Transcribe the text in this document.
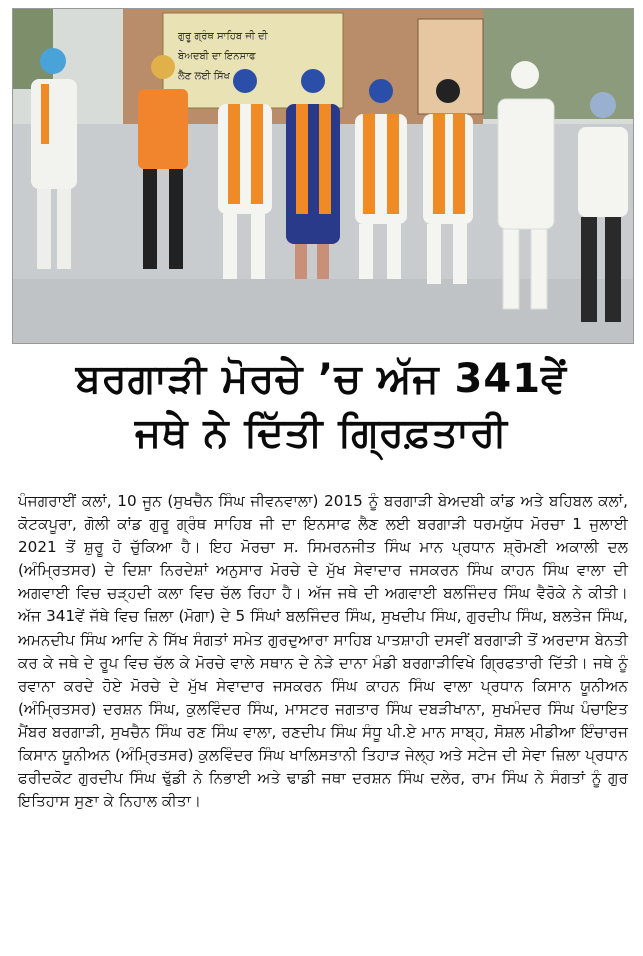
ਗੁਰੂ ਗ੍ਰੰਥ ਸਾਹਿਬ ਜੀ ਦੀ
ਬੇਅਦਬੀ ਦਾ ਇਨਸਾਫ
ਲੈਣ ਲਈ ਸਿੱਖ
ਬਰਗਾੜੀ ਮੋਰਚੇ ’ਚ ਅੱਜ 341ਵੇਂ
ਜਥੇ ਨੇ ਦਿੱਤੀ ਗ੍ਰਿਫ਼ਤਾਰੀ
ਪੰਜਗਰਾਈਂ ਕਲਾਂ, 10 ਜੂਨ (ਸੁਖਚੈਨ ਸਿੰਘ ਜੀਵਨਵਾਲਾ) 2015 ਨੂੰ ਬਰਗਾੜੀ ਬੇਅਦਬੀ ਕਾਂਡ ਅਤੇ ਬਹਿਬਲ ਕਲਾਂ, ਕੋਟਕਪੂਰਾ, ਗੋਲੀ ਕਾਂਡ ਗੁਰੂ ਗ੍ਰੰਥ ਸਾਹਿਬ ਜੀ ਦਾ ਇਨਸਾਫ ਲੈਣ ਲਈ ਬਰਗਾੜੀ ਧਰਮਯੁੱਧ ਮੋਰਚਾ 1 ਜੁਲਾਈ 2021 ਤੋਂ ਸ਼ੁਰੂ ਹੋ ਚੁੱਕਿਆ ਹੈ। ਇਹ ਮੋਰਚਾ ਸ. ਸਿਮਰਨਜੀਤ ਸਿੰਘ ਮਾਨ ਪ੍ਰਧਾਨ ਸ਼੍ਰੋਮਣੀ ਅਕਾਲੀ ਦਲ (ਅੰਮ੍ਰਿਤਸਰ) ਦੇ ਦਿਸ਼ਾ ਨਿਰਦੇਸ਼ਾਂ ਅਨੁਸਾਰ ਮੋਰਚੇ ਦੇ ਮੁੱਖ ਸੇਵਾਦਾਰ ਜਸਕਰਨ ਸਿੰਘ ਕਾਹਨ ਸਿੰਘ ਵਾਲਾ ਦੀ ਅਗਵਾਈ ਵਿਚ ਚੜ੍ਹਦੀ ਕਲਾ ਵਿਚ ਚੱਲ ਰਿਹਾ ਹੈ। ਅੱਜ ਜਥੇ ਦੀ ਅਗਵਾਈ ਬਲਜਿੰਦਰ ਸਿੰਘ ਵੈਰੋਕੇ ਨੇ ਕੀਤੀ। ਅੱਜ 341ਵੇਂ ਜੱਥੇ ਵਿਚ ਜ਼ਿਲਾ (ਮੋਗਾ) ਦੇ 5 ਸਿੰਘਾਂ ਬਲਜਿੰਦਰ ਸਿੰਘ, ਸੁਖਦੀਪ ਸਿੰਘ, ਗੁਰਦੀਪ ਸਿੰਘ, ਬਲਤੇਜ ਸਿੰਘ, ਅਮਨਦੀਪ ਸਿੰਘ ਆਦਿ ਨੇ ਸਿੱਖ ਸੰਗਤਾਂ ਸਮੇਤ ਗੁਰਦੁਆਰਾ ਸਾਹਿਬ ਪਾਤਸ਼ਾਹੀ ਦਸਵੀਂ ਬਰਗਾੜੀ ਤੋਂ ਅਰਦਾਸ ਬੇਨਤੀ ਕਰ ਕੇ ਜਥੇ ਦੇ ਰੂਪ ਵਿਚ ਚੱਲ ਕੇ ਮੋਰਚੇ ਵਾਲੇ ਸਥਾਨ ਦੇ ਨੇੜੇ ਦਾਨਾ ਮੰਡੀ ਬਰਗਾੜੀਵਿਖੇ ਗ੍ਰਿਫਤਾਰੀ ਦਿੱਤੀ। ਜਥੇ ਨੂੰ ਰਵਾਨਾ ਕਰਦੇ ਹੋਏ ਮੋਰਚੇ ਦੇ ਮੁੱਖ ਸੇਵਾਦਾਰ ਜਸਕਰਨ ਸਿੰਘ ਕਾਹਨ ਸਿੰਘ ਵਾਲਾ ਪ੍ਰਧਾਨ ਕਿਸਾਨ ਯੂਨੀਅਨ (ਅੰਮ੍ਰਿਤਸਰ) ਦਰਸ਼ਨ ਸਿੰਘ, ਕੁਲਵਿੰਦਰ ਸਿੰਘ, ਮਾਸਟਰ ਜਗਤਾਰ ਸਿੰਘ ਦਬੜੀਖਾਨਾ, ਸੁਖਮੰਦਰ ਸਿੰਘ ਪੰਚਾਇਤ ਮੈਂਬਰ ਬਰਗਾੜੀ, ਸੁਖਚੈਨ ਸਿੰਘ ਰਣ ਸਿੰਘ ਵਾਲਾ, ਰਣਦੀਪ ਸਿੰਘ ਸੰਧੂ ਪੀ.ਏ ਮਾਨ ਸਾਬ੍ਹ, ਸੋਸ਼ਲ ਮੀਡੀਆ ਇੰਚਾਰਜ ਕਿਸਾਨ ਯੂਨੀਅਨ (ਅੰਮ੍ਰਿਤਸਰ) ਕੁਲਵਿੰਦਰ ਸਿੰਘ ਖਾਲਿਸਤਾਨੀ ਤਿਹਾੜ ਜੇਲ੍ਹ ਅਤੇ ਸਟੇਜ ਦੀ ਸੇਵਾ ਜ਼ਿਲਾ ਪ੍ਰਧਾਨ ਫਰੀਦਕੋਟ ਗੁਰਦੀਪ ਸਿੰਘ ਢੁੱਡੀ ਨੇ ਨਿਭਾਈ ਅਤੇ ਢਾਡੀ ਜਥਾ ਦਰਸ਼ਨ ਸਿੰਘ ਦਲੇਰ, ਰਾਮ ਸਿੰਘ ਨੇ ਸੰਗਤਾਂ ਨੂੰ ਗੁਰ ਇਤਿਹਾਸ ਸੁਣਾ ਕੇ ਨਿਹਾਲ ਕੀਤਾ।
